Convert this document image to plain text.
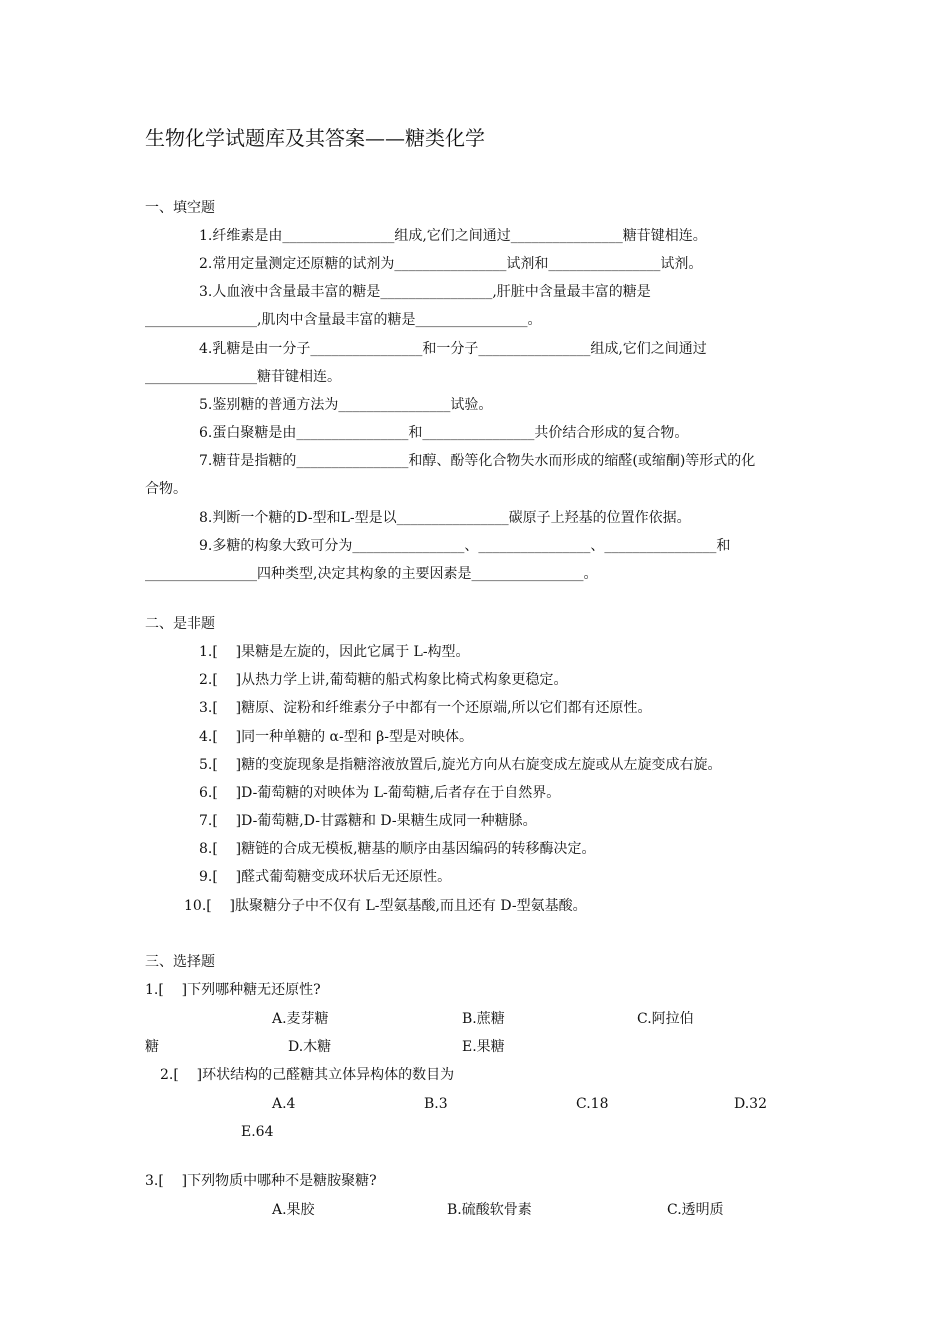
生物化学试题库及其答案——糖类化学
一、填空题
1.纤维素是由________________组成,它们之间通过________________糖苷键相连。
2.常用定量测定还原糖的试剂为________________试剂和________________试剂。
3.人血液中含量最丰富的糖是________________,肝脏中含量最丰富的糖是
________________,肌肉中含量最丰富的糖是________________。
4.乳糖是由一分子________________和一分子________________组成,它们之间通过
________________糖苷键相连。
5.鉴别糖的普通方法为________________试验。
6.蛋白聚糖是由________________和________________共价结合形成的复合物。
7.糖苷是指糖的________________和醇、酚等化合物失水而形成的缩醛(或缩酮)等形式的化
合物。
8.判断一个糖的D-型和L-型是以________________碳原子上羟基的位置作依据。
9.多糖的构象大致可分为________________、________________、________________和
________________四种类型,决定其构象的主要因素是________________。
二、是非题
1.[    ]果糖是左旋的，因此它属于 L-构型。
2.[    ]从热力学上讲,葡萄糖的船式构象比椅式构象更稳定。
3.[    ]糖原、淀粉和纤维素分子中都有一个还原端,所以它们都有还原性。
4.[    ]同一种单糖的 α-型和 β-型是对映体。
5.[    ]糖的变旋现象是指糖溶液放置后,旋光方向从右旋变成左旋或从左旋变成右旋。
6.[    ]D-葡萄糖的对映体为 L-葡萄糖,后者存在于自然界。
7.[    ]D-葡萄糖,D-甘露糖和 D-果糖生成同一种糖脎。
8.[    ]糖链的合成无模板,糖基的顺序由基因编码的转移酶决定。
9.[    ]醛式葡萄糖变成环状后无还原性。
10.[    ]肽聚糖分子中不仅有 L-型氨基酸,而且还有 D-型氨基酸。
三、选择题
1.[    ]下列哪种糖无还原性?
A.麦芽糖	B.蔗糖	C.阿拉伯
糖	D.木糖	E.果糖
2.[    ]环状结构的己醛糖其立体异构体的数目为
A.4	B.3	C.18	D.32
E.64
3.[    ]下列物质中哪种不是糖胺聚糖?
A.果胶	B.硫酸软骨素	C.透明质
